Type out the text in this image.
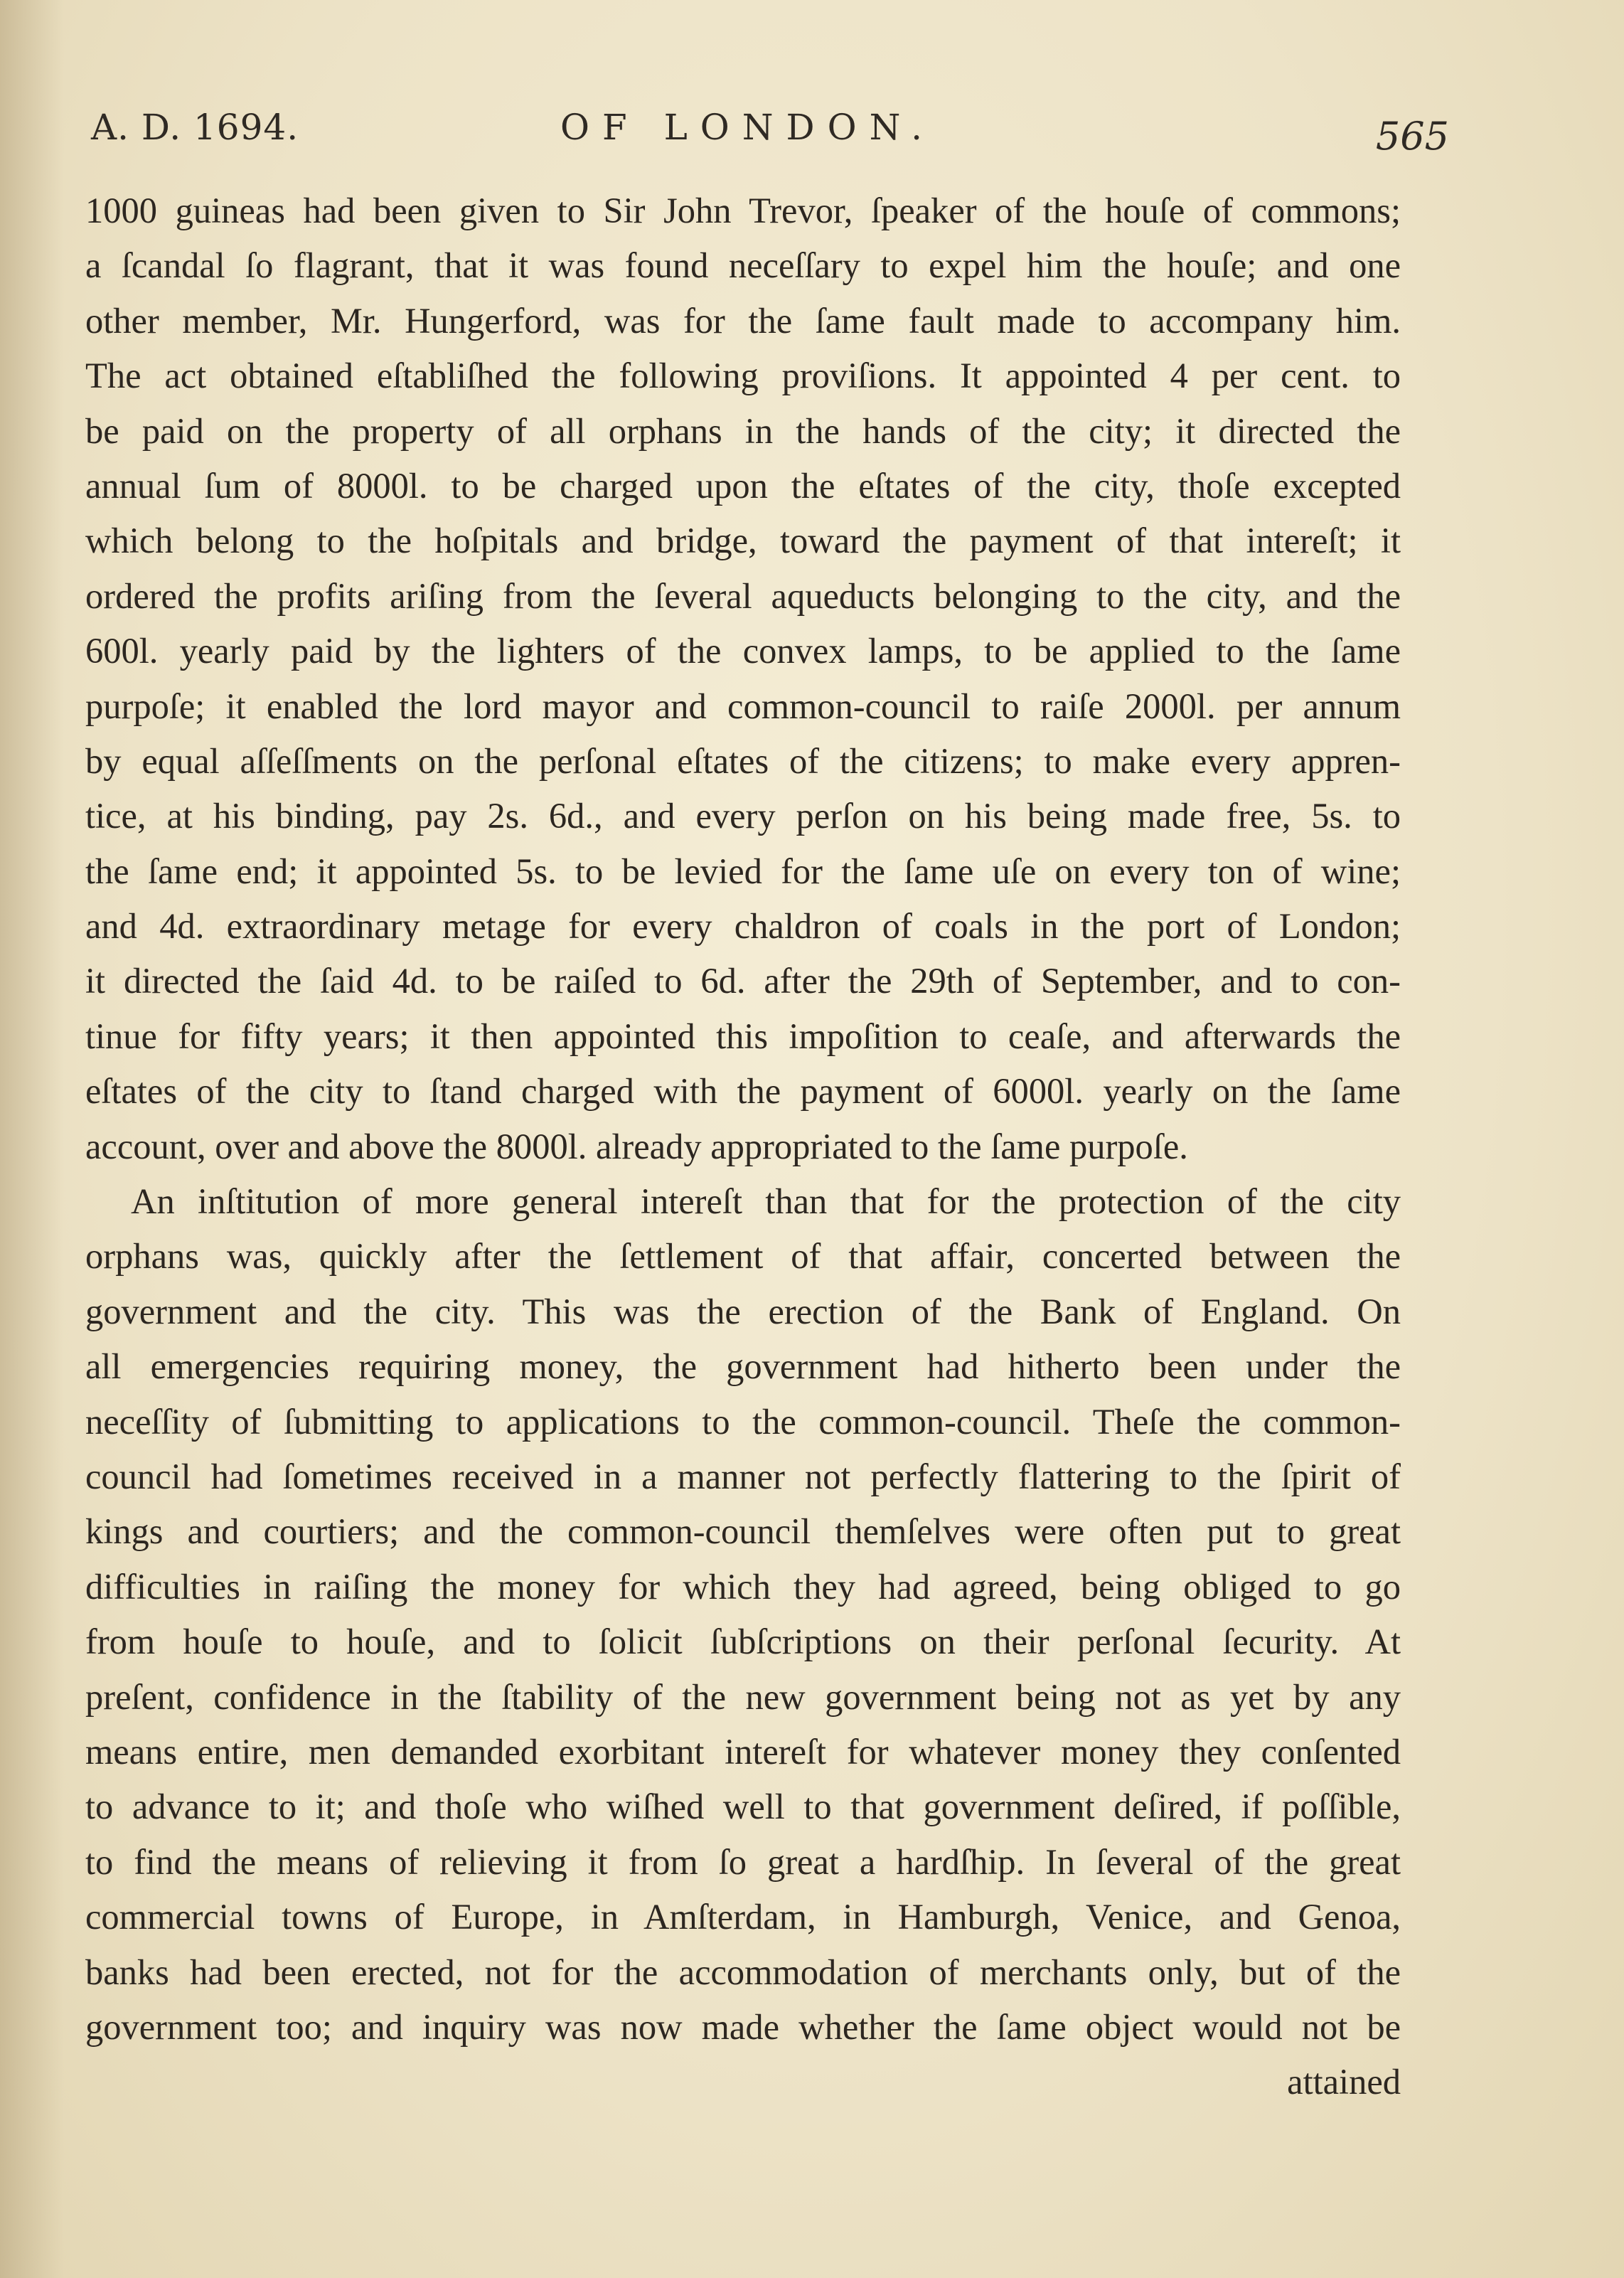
A. D. 1694.	OF LONDON.	565
1000 guineas had been given to Sir John Trevor, ſpeaker of the houſe of commons;
a ſcandal ſo flagrant, that it was found neceſſary to expel him the houſe; and one
other member, Mr. Hungerford, was for the ſame fault made to accompany him.
The act obtained eſtabliſhed the following proviſions. It appointed 4 per cent. to
be paid on the property of all orphans in the hands of the city; it directed the
annual ſum of 8000l. to be charged upon the eſtates of the city, thoſe excepted
which belong to the hoſpitals and bridge, toward the payment of that intereſt; it
ordered the profits ariſing from the ſeveral aqueducts belonging to the city, and the
600l. yearly paid by the lighters of the convex lamps, to be applied to the ſame
purpoſe; it enabled the lord mayor and common-council to raiſe 2000l. per annum
by equal aſſeſſments on the perſonal eſtates of the citizens; to make every appren-
tice, at his binding, pay 2s. 6d., and every perſon on his being made free, 5s. to
the ſame end; it appointed 5s. to be levied for the ſame uſe on every ton of wine;
and 4d. extraordinary metage for every chaldron of coals in the port of London;
it directed the ſaid 4d. to be raiſed to 6d. after the 29th of September, and to con-
tinue for fifty years; it then appointed this impoſition to ceaſe, and afterwards the
eſtates of the city to ſtand charged with the payment of 6000l. yearly on the ſame
account, over and above the 8000l. already appropriated to the ſame purpoſe.
An inſtitution of more general intereſt than that for the protection of the city
orphans was, quickly after the ſettlement of that affair, concerted between the
government and the city. This was the erection of the Bank of England. On
all emergencies requiring money, the government had hitherto been under the
neceſſity of ſubmitting to applications to the common-council. Theſe the common-
council had ſometimes received in a manner not perfectly flattering to the ſpirit of
kings and courtiers; and the common-council themſelves were often put to great
difficulties in raiſing the money for which they had agreed, being obliged to go
from houſe to houſe, and to ſolicit ſubſcriptions on their perſonal ſecurity. At
preſent, confidence in the ſtability of the new government being not as yet by any
means entire, men demanded exorbitant intereſt for whatever money they conſented
to advance to it; and thoſe who wiſhed well to that government deſired, if poſſible,
to find the means of relieving it from ſo great a hardſhip. In ſeveral of the great
commercial towns of Europe, in Amſterdam, in Hamburgh, Venice, and Genoa,
banks had been erected, not for the accommodation of merchants only, but of the
government too; and inquiry was now made whether the ſame object would not be
attained
